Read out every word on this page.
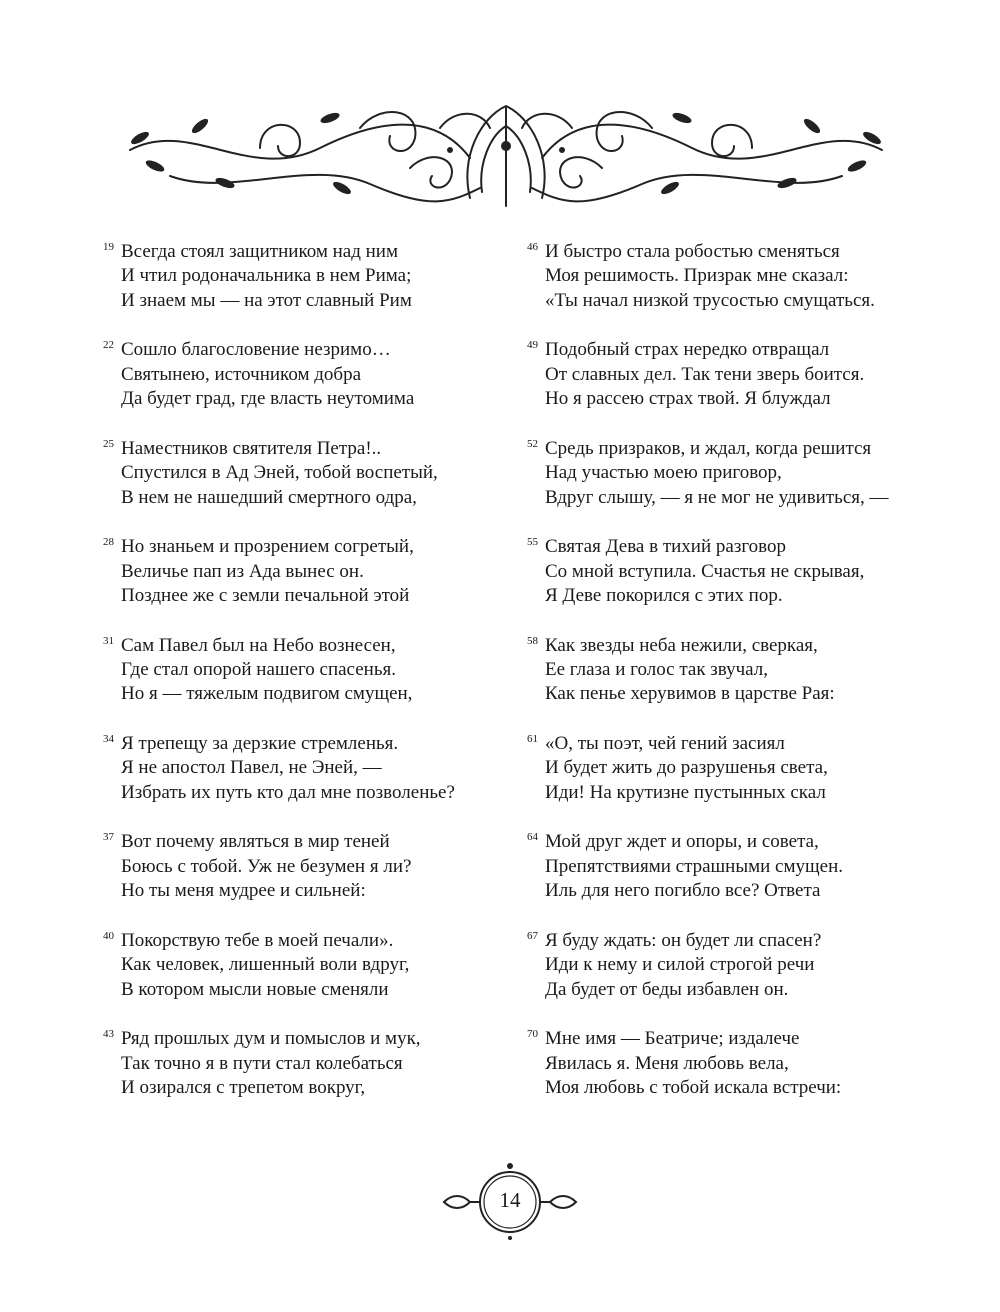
19 Всегда стоял защитником над ним
И чтил родоначальника в нем Рима;
И знаем мы — на этот славный Рим
22 Сошло благословение незримо…
Святынею, источником добра
Да будет град, где власть неутомима
25 Наместников святителя Петра!..
Спустился в Ад Эней, тобой воспетый,
В нем не нашедший смертного одра,
28 Но знаньем и прозрением согретый,
Величье пап из Ада вынес он.
Позднее же с земли печальной этой
31 Сам Павел был на Небо вознесен,
Где стал опорой нашего спасенья.
Но я — тяжелым подвигом смущен,
34 Я трепещу за дерзкие стремленья.
Я не апостол Павел, не Эней, —
Избрать их путь кто дал мне позволенье?
37 Вот почему являться в мир теней
Боюсь с тобой. Уж не безумен я ли?
Но ты меня мудрее и сильней:
40 Покорствую тебе в моей печали».
Как человек, лишенный воли вдруг,
В котором мысли новые сменяли
43 Ряд прошлых дум и помыслов и мук,
Так точно я в пути стал колебаться
И озирался с трепетом вокруг,
46 И быстро стала робостью сменяться
Моя решимость. Призрак мне сказал:
«Ты начал низкой трусостью смущаться.
49 Подобный страх нередко отвращал
От славных дел. Так тени зверь боится.
Но я рассею страх твой. Я блуждал
52 Средь призраков, и ждал, когда решится
Над участью моею приговор,
Вдруг слышу, — я не мог не удивиться, —
55 Святая Дева в тихий разговор
Со мной вступила. Счастья не скрывая,
Я Деве покорился с этих пор.
58 Как звезды неба нежили, сверкая,
Ее глаза и голос так звучал,
Как пенье херувимов в царстве Рая:
61 «О, ты поэт, чей гений засиял
И будет жить до разрушенья света,
Иди! На крутизне пустынных скал
64 Мой друг ждет и опоры, и совета,
Препятствиями страшными смущен.
Иль для него погибло все? Ответа
67 Я буду ждать: он будет ли спасен?
Иди к нему и силой строгой речи
Да будет от беды избавлен он.
70 Мне имя — Беатриче; издалече
Явилась я. Меня любовь вела,
Моя любовь с тобой искала встречи:
14
